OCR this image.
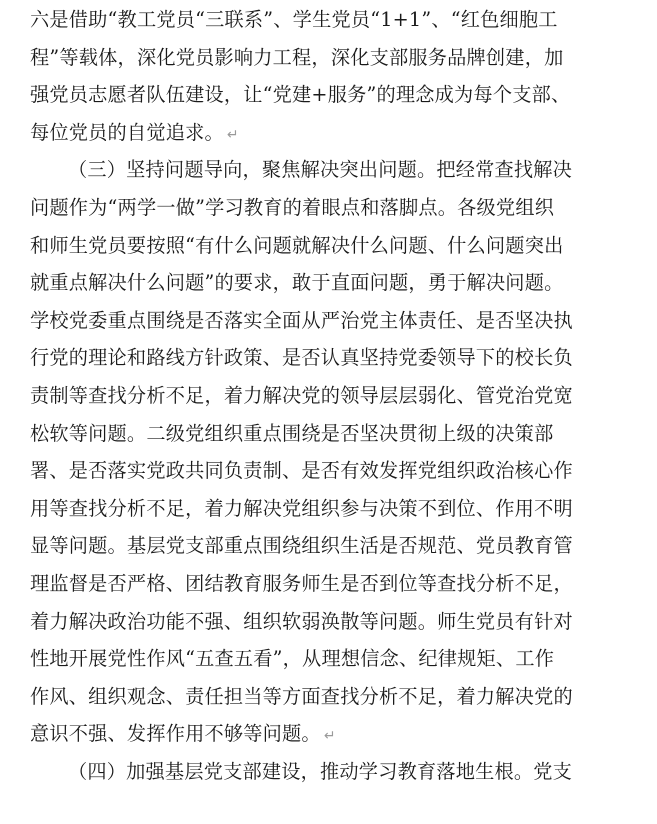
六是借助“教工党员“三联系”、学生党员“1+1”、“红色细胞工
程”等载体，深化党员影响力工程，深化支部服务品牌创建，加
强党员志愿者队伍建设，让“党建+服务”的理念成为每个支部、
每位党员的自觉追求。 ↵
（三）坚持问题导向，聚焦解决突出问题。把经常查找解决
问题作为“两学一做”学习教育的着眼点和落脚点。各级党组织
和师生党员要按照“有什么问题就解决什么问题、什么问题突出
就重点解决什么问题”的要求，敢于直面问题，勇于解决问题。
学校党委重点围绕是否落实全面从严治党主体责任、是否坚决执
行党的理论和路线方针政策、是否认真坚持党委领导下的校长负
责制等查找分析不足，着力解决党的领导层层弱化、管党治党宽
松软等问题。二级党组织重点围绕是否坚决贯彻上级的决策部
署、是否落实党政共同负责制、是否有效发挥党组织政治核心作
用等查找分析不足，着力解决党组织参与决策不到位、作用不明
显等问题。基层党支部重点围绕组织生活是否规范、党员教育管
理监督是否严格、团结教育服务师生是否到位等查找分析不足，
着力解决政治功能不强、组织软弱涣散等问题。师生党员有针对
性地开展党性作风“五查五看”，从理想信念、纪律规矩、工作
作风、组织观念、责任担当等方面查找分析不足，着力解决党的
意识不强、发挥作用不够等问题。 ↵
（四）加强基层党支部建设，推动学习教育落地生根。党支
